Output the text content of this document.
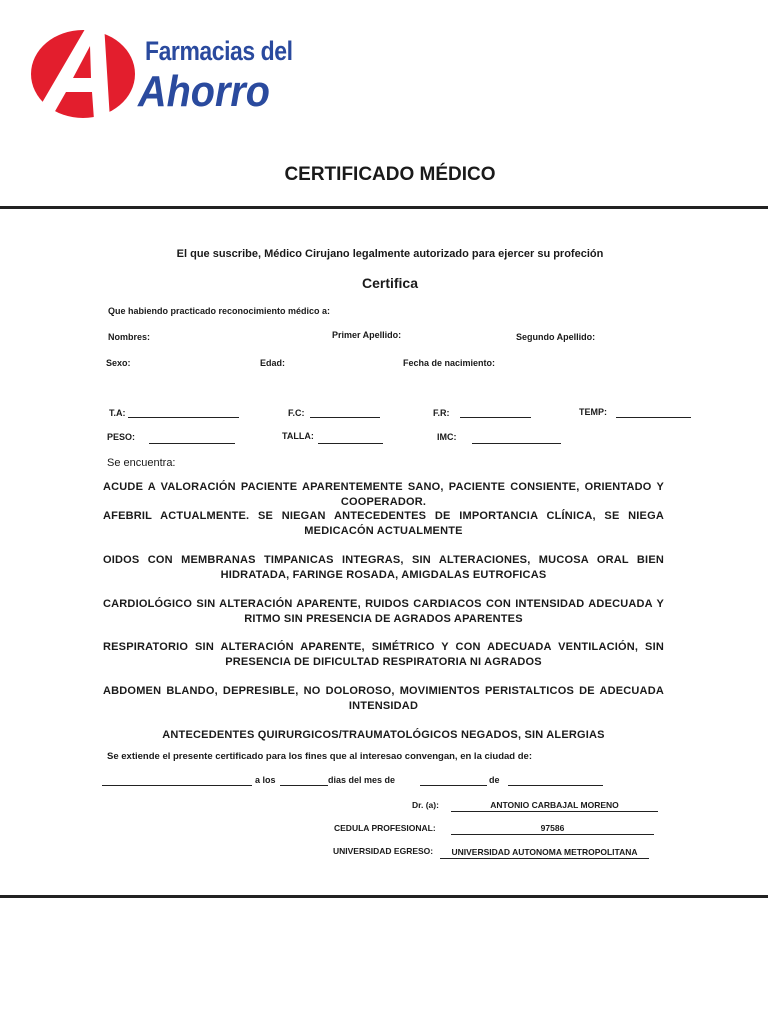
Farmacias del
Ahorro
CERTIFICADO MÉDICO
El que suscribe, Médico Cirujano legalmente autorizado para ejercer su profeción
Certifica
Que habiendo practicado reconocimiento médico a:
Nombres:	Primer Apellido:	Segundo Apellido:
Sexo:	Edad:	Fecha de nacimiento:
T.A:	F.C:	F.R:	TEMP:
PESO:	TALLA:	IMC:
Se encuentra:
ACUDE A VALORACIÓN PACIENTE APARENTEMENTE SANO, PACIENTE CONSIENTE, ORIENTADO Y COOPERADOR.
AFEBRIL ACTUALMENTE. SE NIEGAN ANTECEDENTES DE IMPORTANCIA CLÍNICA, SE NIEGA MEDICACÓN ACTUALMENTE
OIDOS CON MEMBRANAS TIMPANICAS INTEGRAS, SIN ALTERACIONES, MUCOSA ORAL BIEN HIDRATADA, FARINGE ROSADA, AMIGDALAS EUTROFICAS
CARDIOLÓGICO SIN ALTERACIÓN APARENTE, RUIDOS CARDIACOS CON INTENSIDAD ADECUADA Y RITMO SIN PRESENCIA DE AGRADOS APARENTES
RESPIRATORIO SIN ALTERACIÓN APARENTE, SIMÉTRICO Y CON ADECUADA VENTILACIÓN, SIN PRESENCIA DE DIFICULTAD RESPIRATORIA NI AGRADOS
ABDOMEN BLANDO, DEPRESIBLE, NO DOLOROSO, MOVIMIENTOS PERISTALTICOS DE ADECUADA INTENSIDAD
ANTECEDENTES QUIRURGICOS/TRAUMATOLÓGICOS NEGADOS, SIN ALERGIAS
Se extiende el presente certificado para los fines que al interesao convengan, en la ciudad de:
a los	dias del mes de	de
Dr. (a):	ANTONIO CARBAJAL MORENO
CEDULA PROFESIONAL:	97586
UNIVERSIDAD EGRESO:	UNIVERSIDAD AUTONOMA METROPOLITANA
